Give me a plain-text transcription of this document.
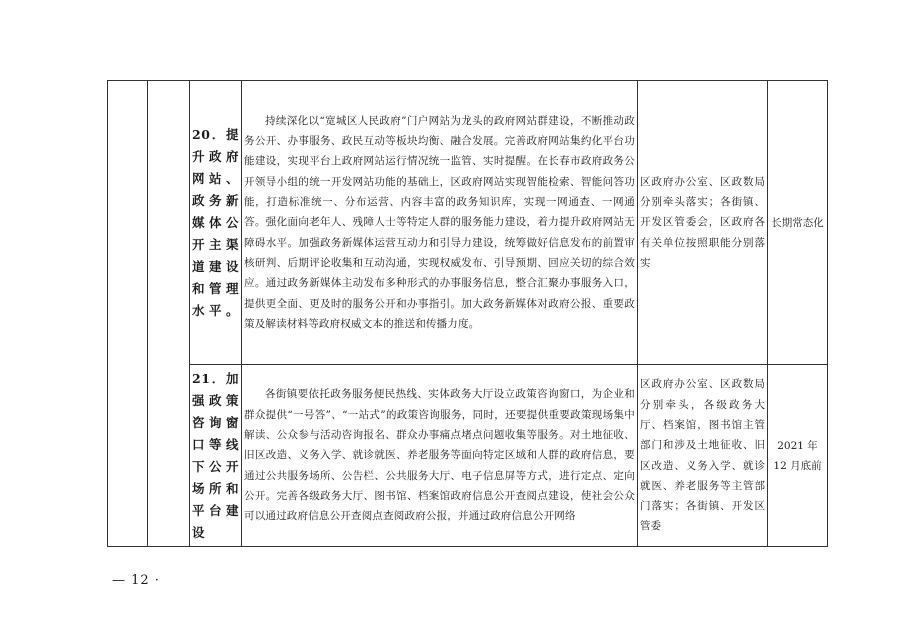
		20．提升政府网站、政务新媒体公开主渠道建设和管理水平。	持续深化以“宽城区人民政府”门户网站为龙头的政府网站群建设，不断推动政务公开、办事服务、政民互动等板块均衡、融合发展。完善政府网站集约化平台功能建设，实现平台上政府网站运行情况统一监管、实时提醒。在长春市政府政务公开领导小组的统一开发网站功能的基础上，区政府网站实现智能检索、智能问答功能，打造标准统一、分布运营、内容丰富的政务知识库，实现一网通查、一网通答。强化面向老年人、残障人士等特定人群的服务能力建设，着力提升政府网站无障碍水平。加强政务新媒体运营互动力和引导力建设，统筹做好信息发布的前置审核研判、后期评论收集和互动沟通，实现权威发布、引导预期、回应关切的综合效应。通过政务新媒体主动发布多种形式的办事服务信息，整合汇聚办事服务入口，提供更全面、更及时的服务公开和办事指引。加大政务新媒体对政府公报、重要政策及解读材料等政府权威文本的推送和传播力度。	区政府办公室、区政数局分别牵头落实；各街镇、开发区管委会，区政府各有关单位按照职能分别落实	长期常态化

		21．加强政策咨询窗口等线下公开场所和平台建设	各街镇要依托政务服务便民热线、实体政务大厅设立政策咨询窗口，为企业和群众提供“一号答”、“一站式”的政策咨询服务，同时，还要提供重要政策现场集中解读、公众参与活动咨询报名、群众办事痛点堵点问题收集等服务。对土地征收、旧区改造、义务入学、就诊就医、养老服务等面向特定区域和人群的政府信息，要通过公共服务场所、公告栏、公共服务大厅、电子信息屏等方式，进行定点、定向公开。完善各级政务大厅、图书馆、档案馆政府信息公开查阅点建设，使社会公众可以通过政府信息公开查阅点查阅政府公报，并通过政府信息公开网络	区政府办公室、区政数局分别牵头，各级政务大厅、档案馆，图书馆主管部门和涉及土地征收、旧区改造、义务入学、就诊就医、养老服务等主管部门落实；各街镇、开发区管委	2021 年 12 月底前
— 12 ·
